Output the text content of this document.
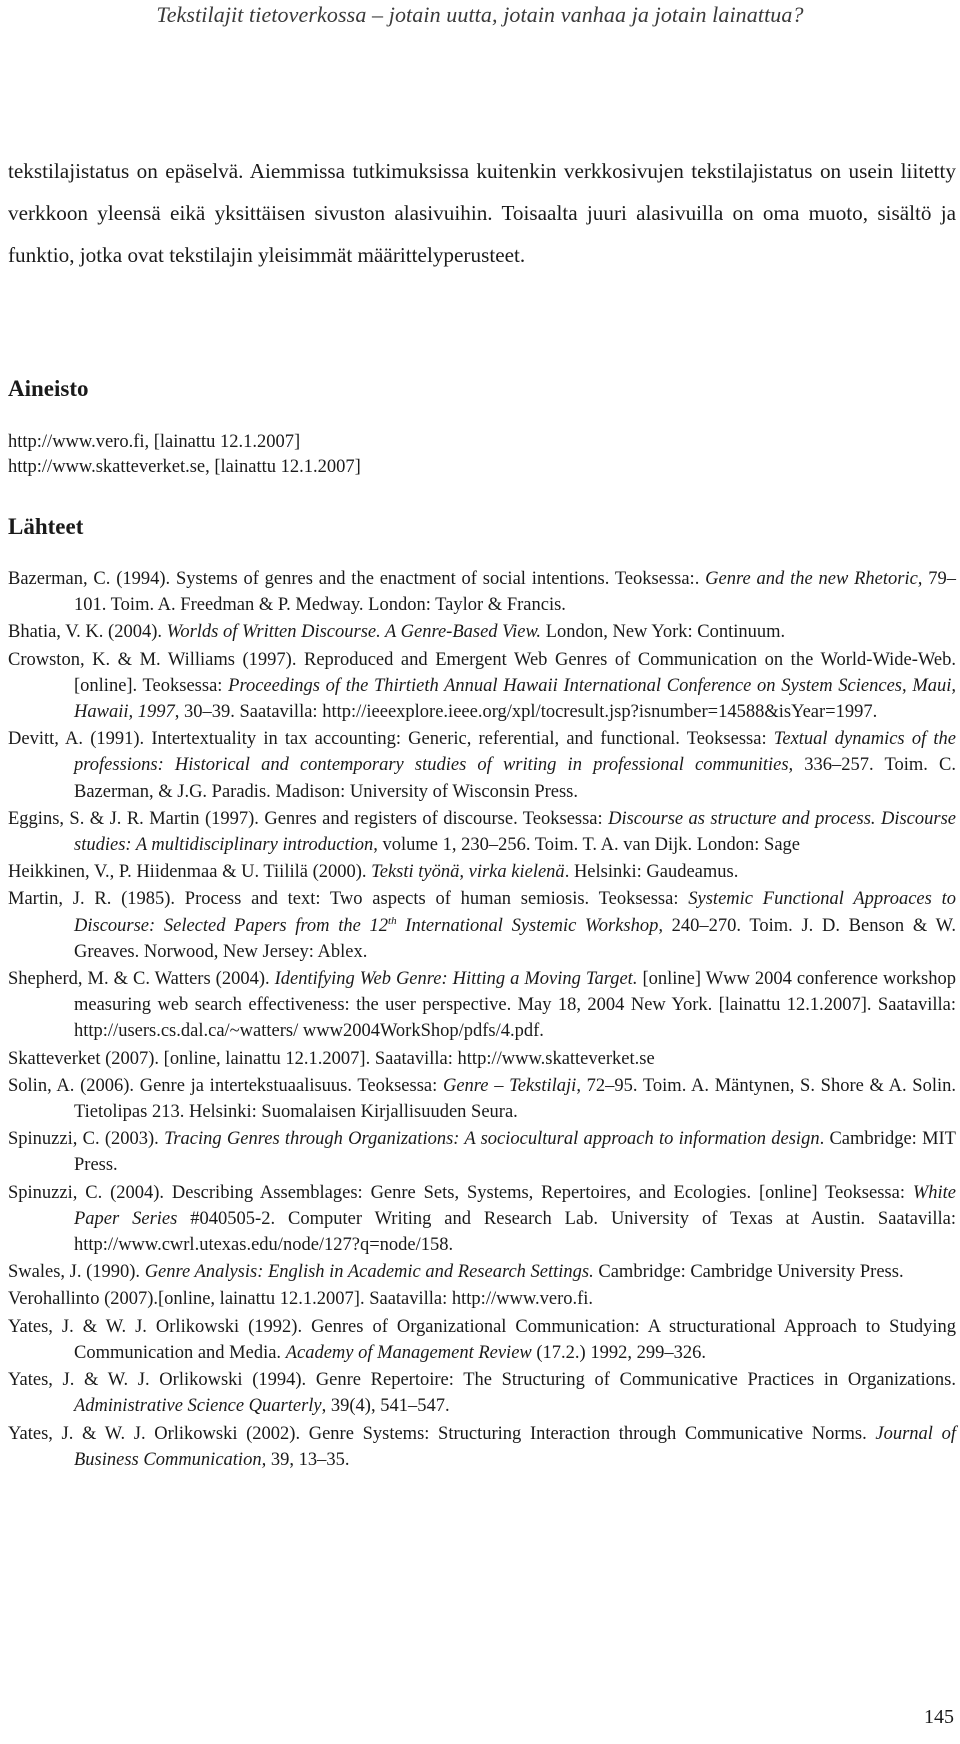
Tekstilajit tietoverkossa – jotain uutta, jotain vanhaa ja jotain lainattua?

tekstilajistatus on epäselvä. Aiemmissa tutkimuksissa kuitenkin verkkosivujen tekstilajistatus on usein liitetty verkkoon yleensä eikä yksittäisen sivuston alasivuihin. Toisaalta juuri alasivuilla on oma muoto, sisältö ja funktio, jotka ovat tekstilajin yleisimmät määrittelyperusteet.

Aineisto
http://www.vero.fi, [lainattu 12.1.2007]
http://www.skatteverket.se, [lainattu 12.1.2007]
Lähteet
Bazerman, C. (1994). Systems of genres and the enactment of social intentions. Teoksessa:. Genre and the new Rhetoric, 79–101. Toim. A. Freedman & P. Medway. London: Taylor & Francis.
Bhatia, V. K. (2004). Worlds of Written Discourse. A Genre-Based View. London, New York: Continuum.
Crowston, K. & M. Williams (1997). Reproduced and Emergent Web Genres of Communication on the World-Wide-Web. [online]. Teoksessa: Proceedings of the Thirtieth Annual Hawaii International Conference on System Sciences, Maui, Hawaii, 1997, 30–39. Saatavilla: http://ieeexplore.ieee.org/xpl/tocresult.jsp?isnumber=14588&isYear=1997.
Devitt, A. (1991). Intertextuality in tax accounting: Generic, referential, and functional. Teoksessa: Textual dynamics of the professions: Historical and contemporary studies of writing in professional communities, 336–257. Toim. C. Bazerman, & J.G. Paradis. Madison: University of Wisconsin Press.
Eggins, S. & J. R. Martin (1997). Genres and registers of discourse. Teoksessa: Discourse as structure and process. Discourse studies: A multidisciplinary introduction, volume 1, 230–256. Toim. T. A. van Dijk. London: Sage
Heikkinen, V., P. Hiidenmaa & U. Tiililä (2000). Teksti työnä, virka kielenä. Helsinki: Gaudeamus.
Martin, J. R. (1985). Process and text: Two aspects of human semiosis. Teoksessa: Systemic Functional Approaces to Discourse: Selected Papers from the 12th International Systemic Workshop, 240–270. Toim. J. D. Benson & W. Greaves. Norwood, New Jersey: Ablex.
Shepherd, M. & C. Watters (2004). Identifying Web Genre: Hitting a Moving Target. [online] Www 2004 conference workshop measuring web search effectiveness: the user perspective. May 18, 2004 New York. [lainattu 12.1.2007]. Saatavilla: http://users.cs.dal.ca/~watters/ www2004WorkShop/pdfs/4.pdf.
Skatteverket (2007). [online, lainattu 12.1.2007]. Saatavilla: http://www.skatteverket.se
Solin, A. (2006). Genre ja intertekstuaalisuus. Teoksessa: Genre – Tekstilaji, 72–95. Toim. A. Mäntynen, S. Shore & A. Solin. Tietolipas 213. Helsinki: Suomalaisen Kirjallisuuden Seura.
Spinuzzi, C. (2003). Tracing Genres through Organizations: A sociocultural approach to information design. Cambridge: MIT Press.
Spinuzzi, C. (2004). Describing Assemblages: Genre Sets, Systems, Repertoires, and Ecologies. [online] Teoksessa: White Paper Series #040505-2. Computer Writing and Research Lab. University of Texas at Austin. Saatavilla: http://www.cwrl.utexas.edu/node/127?q=node/158.
Swales, J. (1990). Genre Analysis: English in Academic and Research Settings. Cambridge: Cambridge University Press.
Verohallinto (2007).[online, lainattu 12.1.2007]. Saatavilla: http://www.vero.fi.
Yates, J. & W. J. Orlikowski (1992). Genres of Organizational Communication: A structurational Approach to Studying Communication and Media. Academy of Management Review (17.2.) 1992, 299–326.
Yates, J. & W. J. Orlikowski (1994). Genre Repertoire: The Structuring of Communicative Practices in Organizations. Administrative Science Quarterly, 39(4), 541–547.
Yates, J. & W. J. Orlikowski (2002). Genre Systems: Structuring Interaction through Communicative Norms. Journal of Business Communication, 39, 13–35.
145
